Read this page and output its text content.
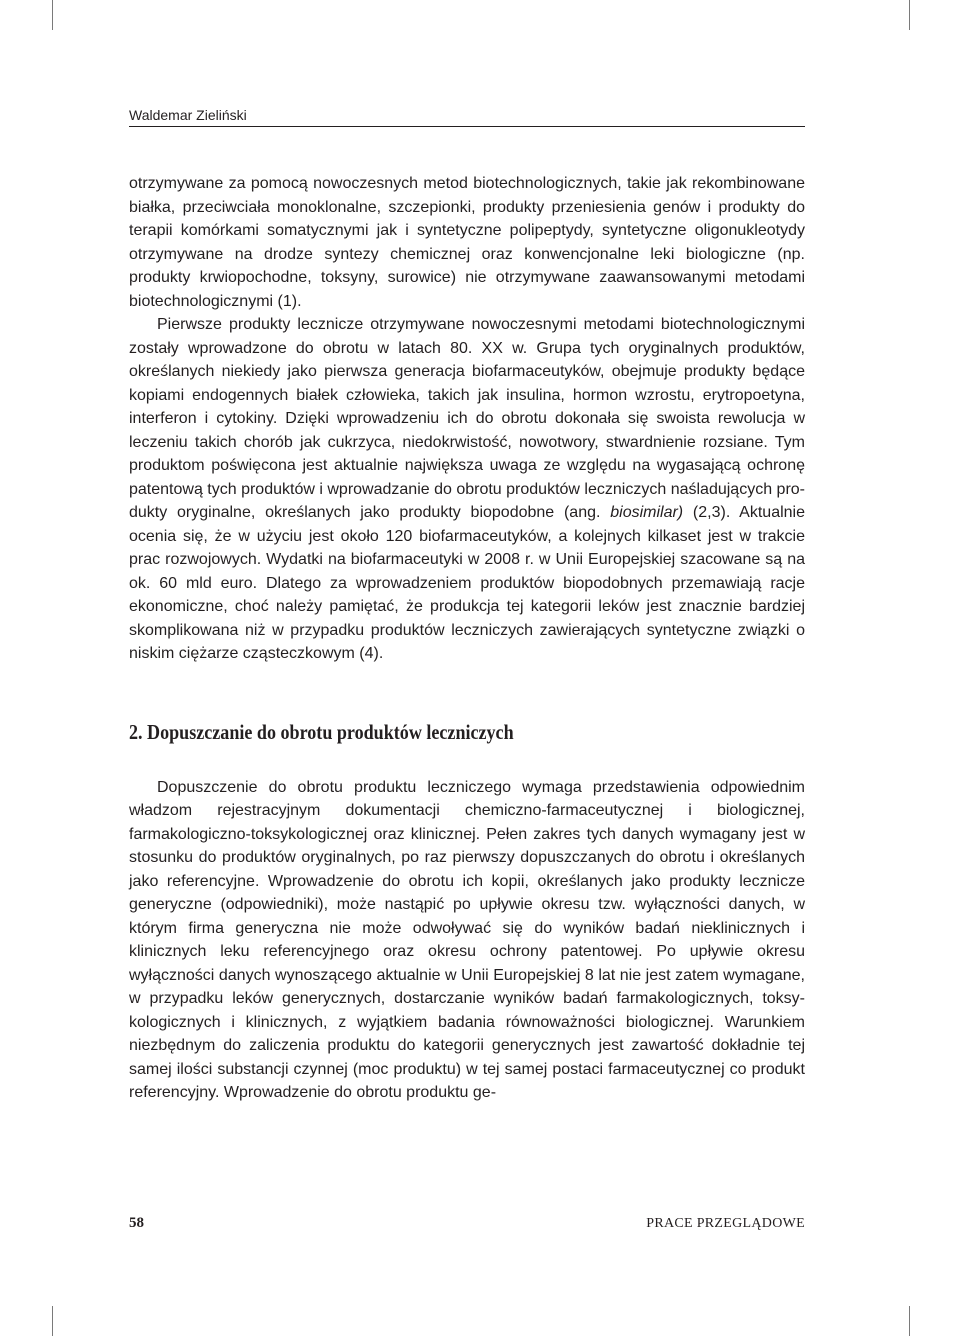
Waldemar Zieliński

otrzymywane za pomocą nowoczesnych metod biotechnologicznych, takie jak rekombinowane białka, przeciwciała monoklonalne, szczepionki, produkty przeniesienia genów i produkty do terapii komórkami somatycznymi jak i syntetyczne polipeptydy, syntetyczne oligonukleotydy otrzymywane na drodze syntezy chemicznej oraz konwencjonalne leki biologiczne (np. produkty krwiopochodne, toksyny, surowice) nie otrzymywane zaawansowanymi metodami biotechnologicznymi (1).

Pierwsze produkty lecznicze otrzymywane nowoczesnymi metodami biotechnologicznymi zostały wprowadzone do obrotu w latach 80. XX w. Grupa tych oryginalnych produktów, określanych niekiedy jako pierwsza generacja biofarmaceutyków, obejmuje produkty będące kopiami endogennych białek człowieka, takich jak insulina, hormon wzrostu, erytropoetyna, interferon i cytokiny. Dzięki wprowadzeniu ich do obrotu dokonała się swoista rewolucja w leczeniu takich chorób jak cukrzyca, niedokrwistość, nowotwory, stwardnienie rozsiane. Tym produktom poświęcona jest aktualnie największa uwaga ze względu na wygasającą ochronę patentową tych produktów i wprowadzanie do obrotu produktów leczniczych naśladujących produkty oryginalne, określanych jako produkty biopodobne (ang. biosimilar) (2,3). Aktualnie ocenia się, że w użyciu jest około 120 biofarmaceutyków, a kolejnych kilkaset jest w trakcie prac rozwojowych. Wydatki na biofarmaceutyki w 2008 r. w Unii Europejskiej szacowane są na ok. 60 mld euro. Dlatego za wprowadzeniem produktów biopodobnych przemawiają racje ekonomiczne, choć należy pamiętać, że produkcja tej kategorii leków jest znacznie bardziej skomplikowana niż w przypadku produktów leczniczych zawierających syntetyczne związki o niskim ciężarze cząsteczkowym (4).

2. Dopuszczanie do obrotu produktów leczniczych

Dopuszczenie do obrotu produktu leczniczego wymaga przedstawienia odpowiednim władzom rejestracyjnym dokumentacji chemiczno-farmaceutycznej i biologicznej, farmakologiczno-toksykologicznej oraz klinicznej. Pełen zakres tych danych wymagany jest w stosunku do produktów oryginalnych, po raz pierwszy dopuszczanych do obrotu i określanych jako referencyjne. Wprowadzenie do obrotu ich kopii, określanych jako produkty lecznicze generyczne (odpowiedniki), może nastąpić po upływie okresu tzw. wyłączności danych, w którym firma generyczna nie może odwoływać się do wyników badań nieklinicznych i klinicznych leku referencyjnego oraz okresu ochrony patentowej. Po upływie okresu wyłączności danych wynoszącego aktualnie w Unii Europejskiej 8 lat nie jest zatem wymagane, w przypadku leków generycznych, dostarczanie wyników badań farmakologicznych, toksykologicznych i klinicznych, z wyjątkiem badania równoważności biologicznej. Warunkiem niezbędnym do zaliczenia produktu do kategorii generycznych jest zawartość dokładnie tej samej ilości substancji czynnej (moc produktu) w tej samej postaci farmaceutycznej co produkt referencyjny. Wprowadzenie do obrotu produktu ge-

58	PRACE PRZEGLĄDOWE
